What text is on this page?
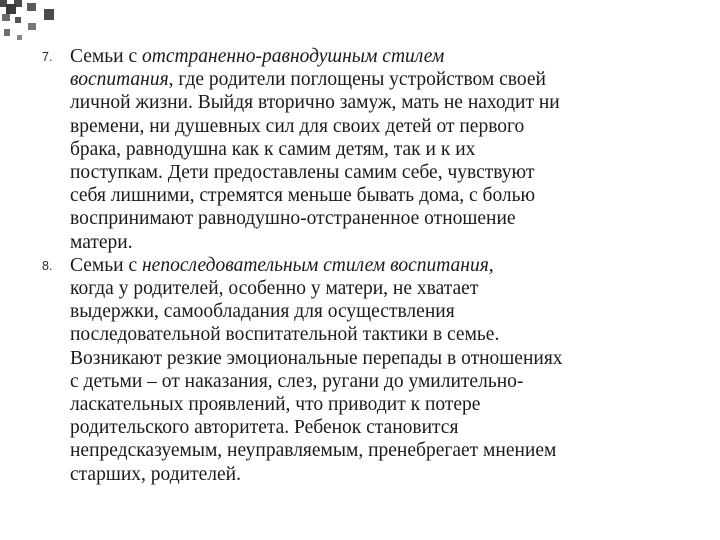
7. Семьи с отстраненно-равнодушным стилем
воспитания, где родители поглощены устройством своей
личной жизни. Выйдя вторично замуж, мать не находит ни
времени, ни душевных сил для своих детей от первого
брака, равнодушна как к самим детям, так и к их
поступкам. Дети предоставлены самим себе, чувствуют
себя лишними, стремятся меньше бывать дома, с болью
воспринимают равнодушно-отстраненное отношение
матери.
8. Семьи с непоследовательным стилем воспитания,
когда у родителей, особенно у матери, не хватает
выдержки, самообладания для осуществления
последовательной воспитательной тактики в семье.
Возникают резкие эмоциональные перепады в отношениях
с детьми – от наказания, слез, ругани до умилительно-
ласкательных проявлений, что приводит к потере
родительского авторитета. Ребенок становится
непредсказуемым, неуправляемым, пренебрегает мнением
старших, родителей.
